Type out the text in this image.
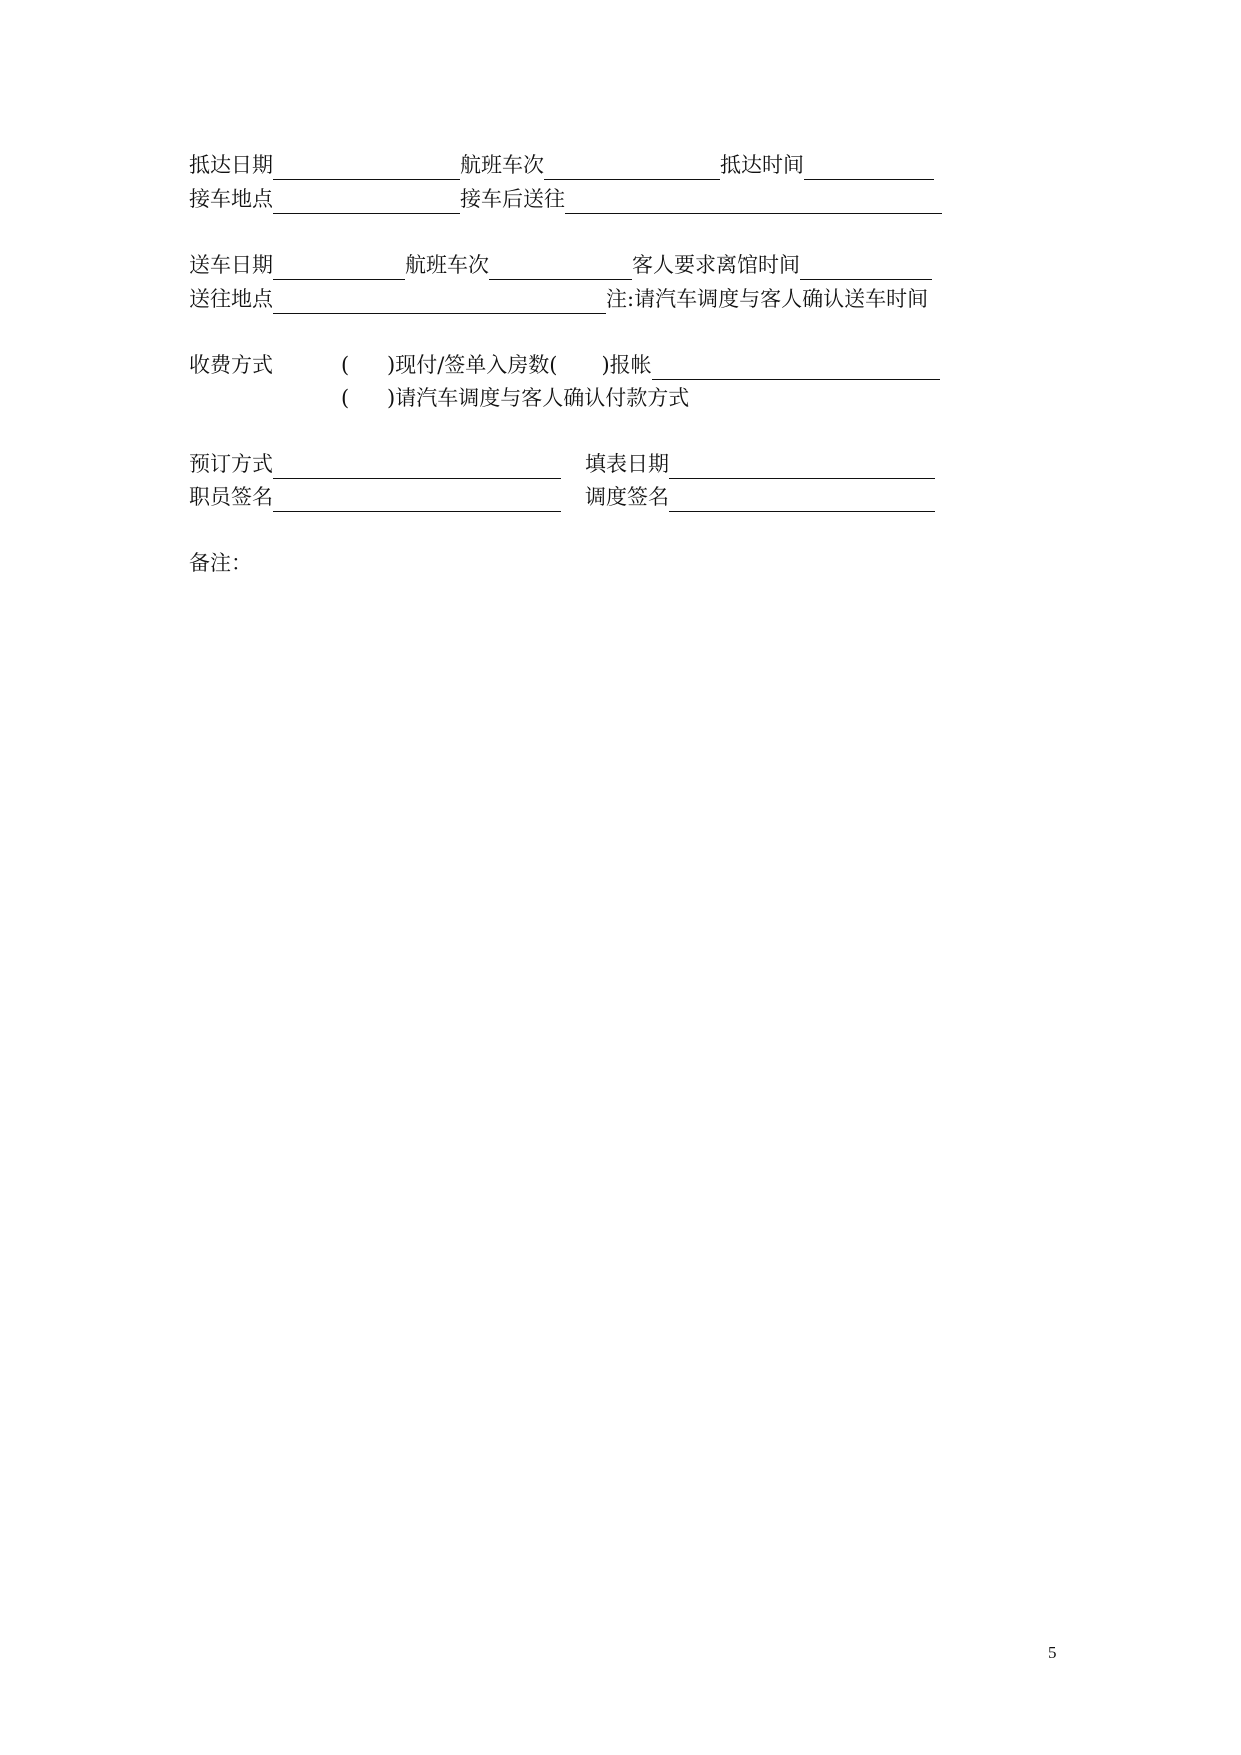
抵达日期	航班车次	抵达时间
接车地点	接车后送往
送车日期	航班车次	客人要求离馆时间
送往地点	注:请汽车调度与客人确认送车时间
收费方式	(	)现付/签单入房数( )报帐
(	)请汽车调度与客人确认付款方式
预订方式	填表日期
职员签名	调度签名
备注：
5
